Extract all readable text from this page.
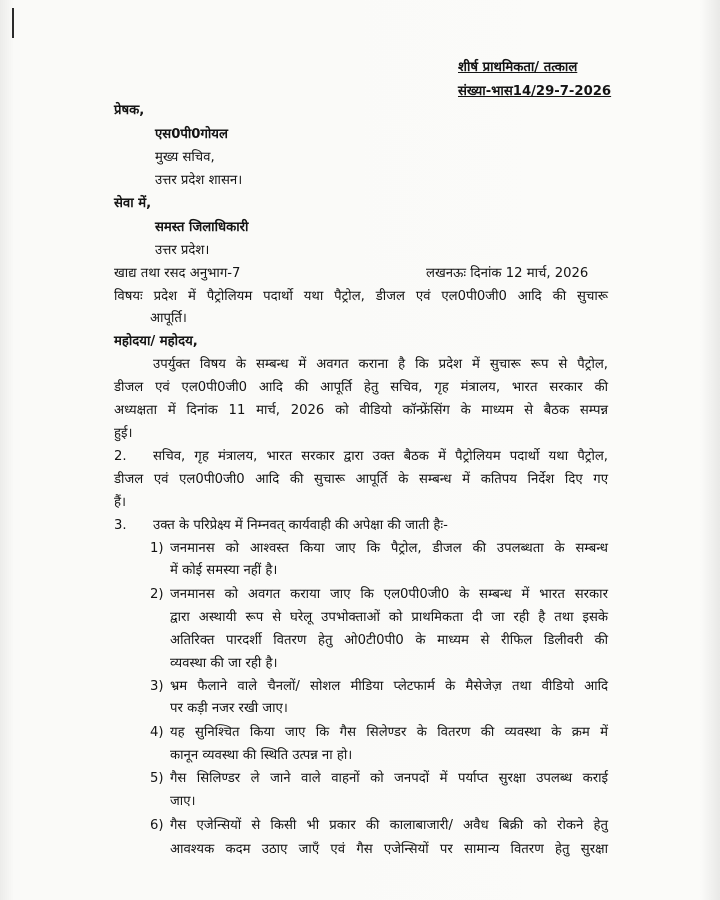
शीर्ष प्राथमिकता/ तत्काल
संख्या-भास14/29-7-2026
प्रेषक,
एस0पी0गोयल
मुख्य सचिव,
उत्तर प्रदेश शासन।
सेवा में,
समस्त जिलाधिकारी
उत्तर प्रदेश।
खाद्य तथा रसद अनुभाग-7	लखनऊः दिनांक 12 मार्च, 2026
विषयः प्रदेश में पैट्रोलियम पदार्थो यथा पैट्रोल, डीजल एवं एल0पी0जी0 आदि की सुचारू
आपूर्ति।
महोदया/ महोदय,
उपर्युक्त विषय के सम्बन्ध में अवगत कराना है कि प्रदेश में सुचारू रूप से पैट्रोल,
डीजल एवं एल0पी0जी0 आदि की आपूर्ति हेतु सचिव, गृह मंत्रालय, भारत सरकार की
अध्यक्षता में दिनांक 11 मार्च, 2026 को वीडियो कॉन्फ्रेंसिंग के माध्यम से बैठक सम्पन्न
हुई।
2. सचिव, गृह मंत्रालय, भारत सरकार द्वारा उक्त बैठक में पैट्रोलियम पदार्थो यथा पैट्रोल,
डीजल एवं एल0पी0जी0 आदि की सुचारू आपूर्ति के सम्बन्ध में कतिपय निर्देश दिए गए
हैं।
3. उक्त के परिप्रेक्ष्य में निम्नवत् कार्यवाही की अपेक्षा की जाती हैः-
1) जनमानस को आश्वस्त किया जाए कि पैट्रोल, डीजल की उपलब्धता के सम्बन्ध
में कोई समस्या नहीं है।
2) जनमानस को अवगत कराया जाए कि एल0पी0जी0 के सम्बन्ध में भारत सरकार
द्वारा अस्थायी रूप से घरेलू उपभोक्ताओं को प्राथमिकता दी जा रही है तथा इसके
अतिरिक्त पारदर्शी वितरण हेतु ओ0टी0पी0 के माध्यम से रीफिल डिलीवरी की
व्यवस्था की जा रही है।
3) भ्रम फैलाने वाले चैनलों/ सोशल मीडिया प्लेटफार्म के मैसेजेज़ तथा वीडियो आदि
पर कड़ी नजर रखी जाए।
4) यह सुनिश्चित किया जाए कि गैस सिलेण्डर के वितरण की व्यवस्था के क्रम में
कानून व्यवस्था की स्थिति उत्पन्न ना हो।
5) गैस सिलिण्डर ले जाने वाले वाहनों को जनपदों में पर्याप्त सुरक्षा उपलब्ध कराई
जाए।
6) गैस एजेन्सियों से किसी भी प्रकार की कालाबाजारी/ अवैध बिक्री को रोकने हेतु
आवश्यक कदम उठाए जाएँ एवं गैस एजेन्सियों पर सामान्य वितरण हेतु सुरक्षा
